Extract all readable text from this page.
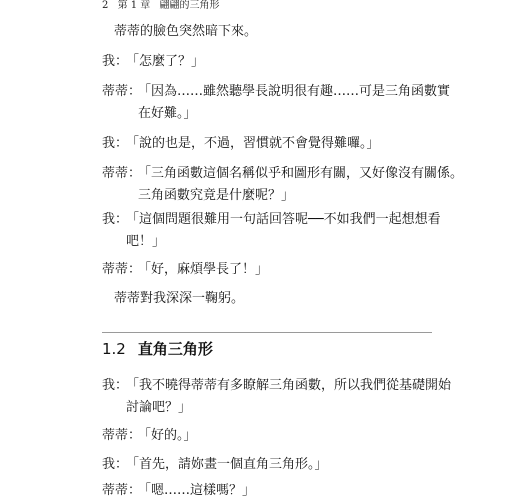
2 第 1 章 翩翩的三角形
蒂蒂的臉色突然暗下來。
我：「怎麼了？」
蒂蒂：「因為……雖然聽學長說明很有趣……可是三角函數實
在好難。」
我：「說的也是，不過，習慣就不會覺得難囉。」
蒂蒂：「三角函數這個名稱似乎和圖形有關，又好像沒有關係。
三角函數究竟是什麼呢？」
我：「這個問題很難用一句話回答呢──不如我們一起想想看
吧！」
蒂蒂：「好，麻煩學長了！」
蒂蒂對我深深一鞠躬。
1.2 直角三角形
我：「我不曉得蒂蒂有多瞭解三角函數，所以我們從基礎開始
討論吧？」
蒂蒂：「好的。」
我：「首先，請妳畫一個直角三角形。」
蒂蒂：「嗯……這樣嗎？」
